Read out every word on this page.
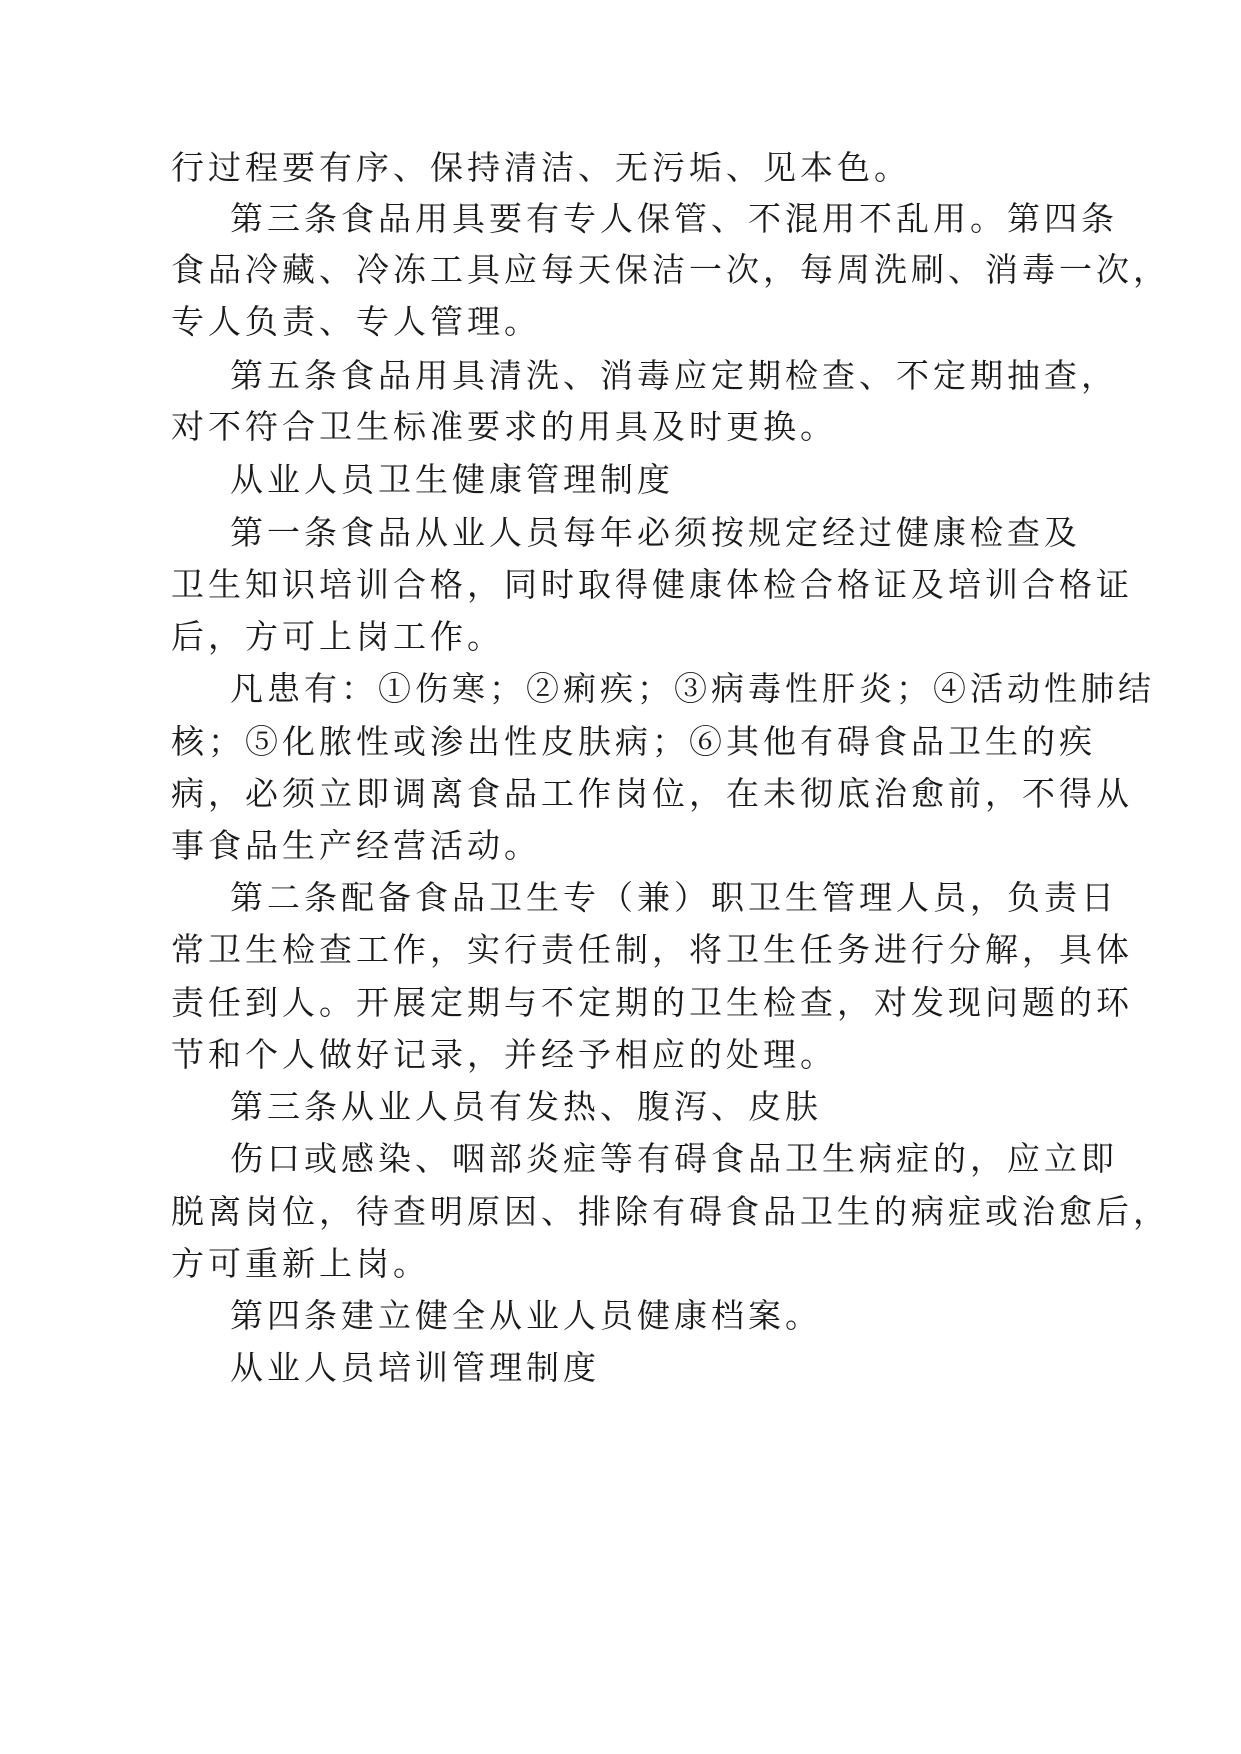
行过程要有序、保持清洁、无污垢、见本色。
第三条食品用具要有专人保管、不混用不乱用。第四条
食品冷藏、冷冻工具应每天保洁一次，每周洗刷、消毒一次，
专人负责、专人管理。
第五条食品用具清洗、消毒应定期检查、不定期抽查，
对不符合卫生标准要求的用具及时更换。
从业人员卫生健康管理制度
第一条食品从业人员每年必须按规定经过健康检查及
卫生知识培训合格，同时取得健康体检合格证及培训合格证
后，方可上岗工作。
凡患有：①伤寒；②痢疾；③病毒性肝炎；④活动性肺结
核；⑤化脓性或渗出性皮肤病；⑥其他有碍食品卫生的疾
病，必须立即调离食品工作岗位，在未彻底治愈前，不得从
事食品生产经营活动。
第二条配备食品卫生专（兼）职卫生管理人员，负责日
常卫生检查工作，实行责任制，将卫生任务进行分解，具体
责任到人。开展定期与不定期的卫生检查，对发现问题的环
节和个人做好记录，并经予相应的处理。
第三条从业人员有发热、腹泻、皮肤
伤口或感染、咽部炎症等有碍食品卫生病症的，应立即
脱离岗位，待查明原因、排除有碍食品卫生的病症或治愈后，
方可重新上岗。
第四条建立健全从业人员健康档案。
从业人员培训管理制度
